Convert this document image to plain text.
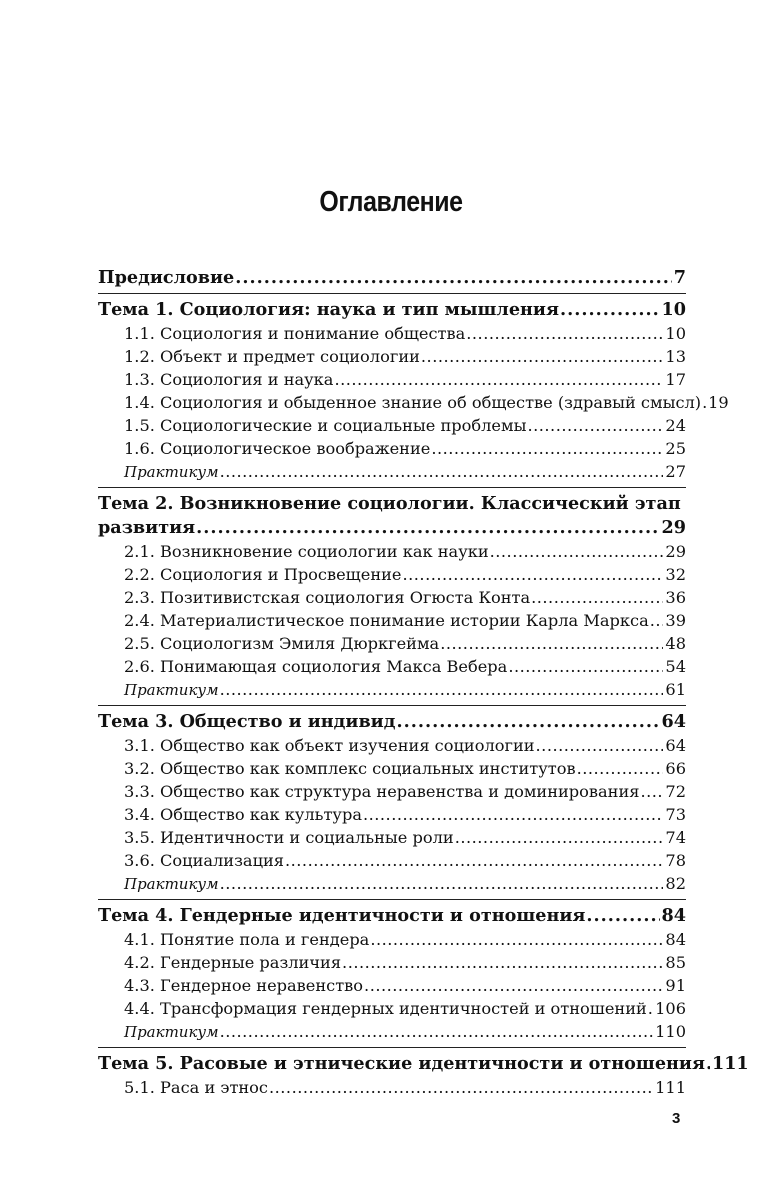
Оглавление
Предисловие .....	7
Тема 1. Социология: наука и тип мышления .....	10
1.1. Социология и понимание общества .....	10
1.2. Объект и предмет социологии .....	13
1.3. Социология и наука .....	17
1.4. Социология и обыденное знание об обществе (здравый смысл) ..... 19
1.5. Социологические и социальные проблемы .....	24
1.6. Социологическое воображение .....	25
Практикум .....	27
Тема 2. Возникновение социологии. Классический этап
развития .....	29
2.1. Возникновение социологии как науки .....	29
2.2. Социология и Просвещение .....	32
2.3. Позитивистская социология Огюста Конта .....	36
2.4. Материалистическое понимание истории Карла Маркса ..... 39
2.5. Социологизм Эмиля Дюркгейма .....	48
2.6. Понимающая социология Макса Вебера .....	54
Практикум .....	61
Тема 3. Общество и индивид .....	64
3.1. Общество как объект изучения социологии .....	64
3.2. Общество как комплекс социальных институтов .....	66
3.3. Общество как структура неравенства и доминирования ..... 72
3.4. Общество как культура .....	73
3.5. Идентичности и социальные роли .....	74
3.6. Социализация .....	78
Практикум .....	82
Тема 4. Гендерные идентичности и отношения .....	84
4.1. Понятие пола и гендера .....	84
4.2. Гендерные различия .....	85
4.3. Гендерное неравенство .....	91
4.4. Трансформация гендерных идентичностей и отношений ..... 106
Практикум .....	110
Тема 5. Расовые и этнические идентичности и отношения ..... 111
5.1. Раса и этнос .....	111
3
